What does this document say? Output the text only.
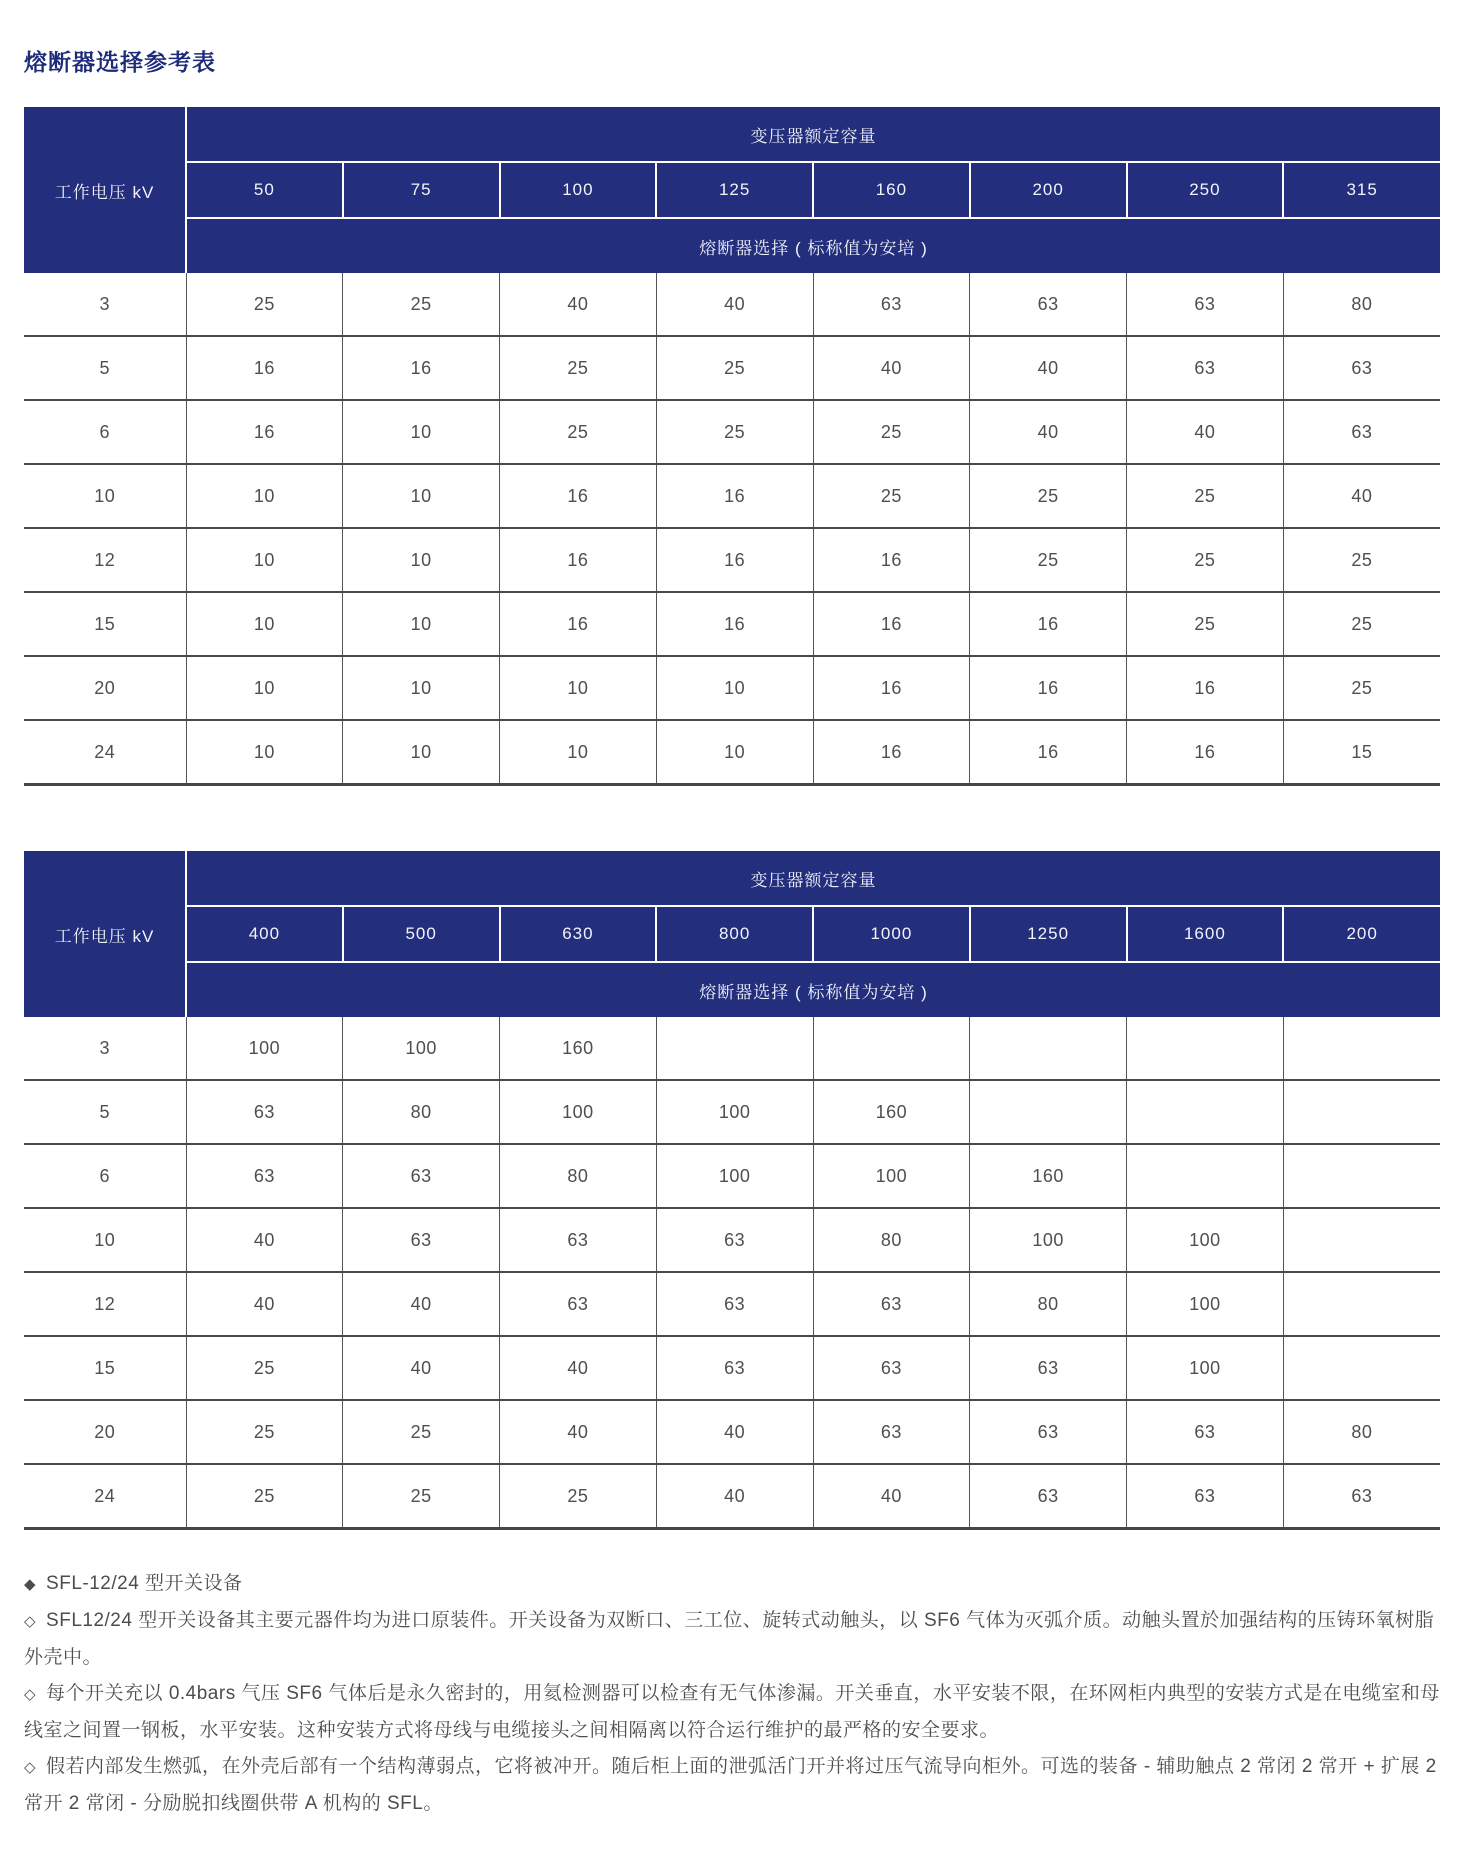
熔断器选择参考表
工作电压 kV	变压器额定容量							
	50	75	100	125	160	200	250	315
	熔断器选择 ( 标称值为安培 )							
3	25	25	40	40	63	63	63	80
5	16	16	25	25	40	40	63	63
6	16	10	25	25	25	40	40	63
10	10	10	16	16	25	25	25	40
12	10	10	16	16	16	25	25	25
15	10	10	16	16	16	16	25	25
20	10	10	10	10	16	16	16	25
24	10	10	10	10	16	16	16	15
工作电压 kV	变压器额定容量							
	400	500	630	800	1000	1250	1600	200
	熔断器选择 ( 标称值为安培 )							
3	100	100	160					
5	63	80	100	100	160			
6	63	63	80	100	100	160		
10	40	63	63	63	80	100	100	
12	40	40	63	63	63	80	100	
15	25	40	40	63	63	63	100	
20	25	25	40	40	63	63	63	80
24	25	25	25	40	40	63	63	63
◆ SFL-12/24 型开关设备
◇ SFL12/24 型开关设备其主要元器件均为进口原装件。开关设备为双断口、三工位、旋转式动触头，以 SF6 气体为灭弧介质。动触头置於加强结构的压铸环氧树脂外壳中。
◇ 每个开关充以 0.4bars 气压 SF6 气体后是永久密封的，用氦检测器可以检查有无气体渗漏。开关垂直，水平安装不限，在环网柜内典型的安装方式是在电缆室和母线室之间置一钢板，水平安装。这种安装方式将母线与电缆接头之间相隔离以符合运行维护的最严格的安全要求。
◇ 假若内部发生燃弧，在外壳后部有一个结构薄弱点，它将被冲开。随后柜上面的泄弧活门开并将过压气流导向柜外。可选的装备 - 辅助触点 2 常闭 2 常开 + 扩展 2 常开 2 常闭 - 分励脱扣线圈供带 A 机构的 SFL。
